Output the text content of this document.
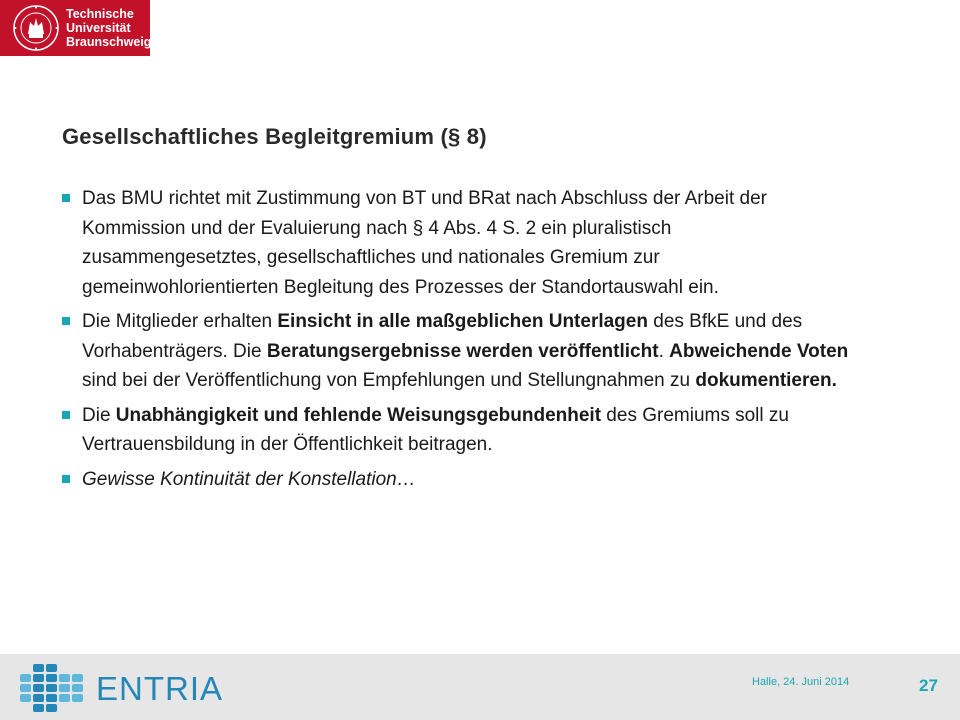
Technische
Universität
Braunschweig
Gesellschaftliches Begleitgremium (§ 8)
Das BMU richtet mit Zustimmung von BT und BRat nach Abschluss der Arbeit der Kommission und der Evaluierung nach § 4 Abs. 4 S. 2 ein pluralistisch zusammengesetztes, gesellschaftliches und nationales Gremium zur gemeinwohlorientierten Begleitung des Prozesses der Standortauswahl ein.
Die Mitglieder erhalten Einsicht in alle maßgeblichen Unterlagen des BfkE und des Vorhabenträgers. Die Beratungsergebnisse werden veröffentlicht. Abweichende Voten sind bei der Veröffentlichung von Empfehlungen und Stellungnahmen zu dokumentieren.
Die Unabhängigkeit und fehlende Weisungsgebundenheit des Gremiums soll zu Vertrauensbildung in der Öffentlichkeit beitragen.
Gewisse Kontinuität der Konstellation…
ENTRIA	Halle, 24. Juni 2014	27
